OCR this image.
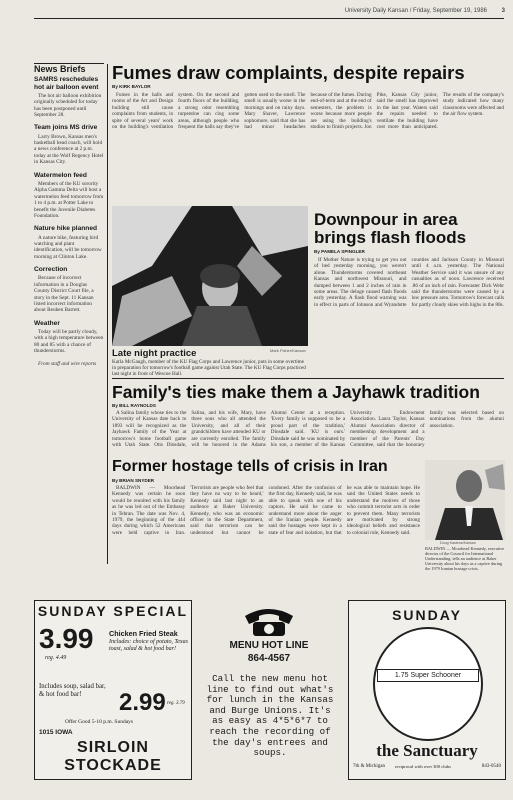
University Daily Kansan / Friday, September 19, 1986 3
News Briefs
SAMRS reschedules hot air balloon event

The hot air balloon exhibition originally scheduled for today has been postponed until September 28.

Team joins MS drive

Larry Brown, Kansas men's basketball head coach, will hold a news conference at 2 p.m. today at the Wolf Regency Hotel in Kansas City.

Watermelon feed

Members of the KU sorority Alpha Gamma Delta will host a watermelon feed tomorrow from 1 to 4 p.m. at Potter Lake to benefit the Juvenile Diabetes Foundation.

Nature hike planned

A nature hike, featuring bird watching and plant identification, will be tomorrow morning at Clinton Lake.

Correction

Because of incorrect information in a Douglas County District Court file, a story in the Sept. 11 Kansan listed incorrect information about Reuben Barrett.

Weather

Today will be partly cloudy, with a high temperature between 80 and 85 with a chance of thunderstorms.

From staff and wire reports

Fumes draw complaints, despite repairs
By KIRK BAYLOR

Fumes in the halls and rooms of the Art and Design building still cause complaints from students, in spite of several years' work on the building's ventilation system. On the second and fourth floors of the building, a strong odor resembling turpentine can clog some areas, although people who frequent the halls say they've gotten used to the smell. The smell is usually worse in the mornings and on rainy days. Mary Shaver, Lawrence sophomore, said that she has had minor headaches because of the fumes. During end-of-term and at the end of semesters, the problem is worse because more people are using the building's studios to finish projects. Jon Pike, Kansas City junior, said the smell has improved in the last year. Waters said the repairs needed to ventilate the building have cost more than anticipated. The results of the company's study indicated how many classrooms were affected and the air flow system.

Late night practice
Karla McGaugh, member of the KU Flag Corps and Lawrence junior, puts in some overtime in preparation for tomorrow's football game against Utah State. The KU Flag Corps practiced last night in front of Wescoe Hall.
Mark Fisher/Kansan
Downpour in area
brings flash floods
By PAMELA SPINGLER

If Mother Nature is trying to get you out of bed yesterday morning, you weren't alone. Thunderstorms covered northeast Kansas and northwest Missouri, and dumped between 1 and 2 inches of rain in some areas. The deluge caused flash floods early yesterday. A flash flood warning was in effect in parts of Johnson and Wyandotte counties and Jackson County in Missouri until 4 a.m. yesterday. The National Weather Service said it was unsure of any casualties as of noon. Lawrence received .86 of an inch of rain. Forecaster Dick Wehr said the thunderstorms were caused by a low pressure area. Tomorrow's forecast calls for partly cloudy skies with highs in the 80s.

Family's ties make them a Jayhawk tradition
By BILL RAYNOLDS

A Salina family whose ties to the University of Kansas date back to 1893 will be recognized as the Jayhawk Family of the Year at tomorrow's home football game with Utah State. Otis Dinsdale, Salina, and his wife, Mary, have three sons who all attended the University, and all of their grandchildren have attended KU or are currently enrolled. The family will be honored in the Adams Alumni Center at a reception. 'Every family is supposed to be a proud part of the tradition,' Dinsdale said. 'KU is ours.' Dinsdale said he was nominated by his son, a member of the Kansas University Endowment Association. Laura Taylor, Kansas Alumni Association director of membership development and a member of the Parents' Day Committee, said that the honorary family was selected based on nominations from the alumni association.

Former hostage tells of crisis in Iran
By BRIAN SNYDER

BALDWIN — Moorhead Kennedy was certain he soon would be reunited with his family as he was led out of the Embassy in Tehran. The date was Nov. 4, 1979, the beginning of the 444 days during which 52 Americans were held captive in Iran. 'Terrorists are people who feel that they have no way to be heard,' Kennedy said last night to an audience at Baker University. Kennedy, who was an economic officer in the State Department, said that terrorism can be understood but cannot be condoned. After the confusion of the first day, Kennedy said, he was able to speak with one of his captors. He said he came to understand more about the anger of the Iranian people. Kennedy said the hostages were kept in a state of fear and isolation, but that he was able to maintain hope. He said the United States needs to understand the motives of those who commit terrorist acts in order to prevent them. Many terrorists are motivated by strong ideological beliefs and resistance to colonial rule, Kennedy said.

Doug Kastens/Kansan
BALDWIN — Moorhead Kennedy, executive director of the Council for International Understanding, tells an audience at Baker University about his days as a captive during the 1979 Iranian hostage crisis.
SUNDAY SPECIAL
3.99
reg. 4.49
Chicken Fried Steak
Includes: choice of potato, Texas toast, salad & hot food bar!
Includes soup, salad bar, & hot food bar!	2.99 reg. 3.79
Offer Good 5-10 p.m. Sundays
1015 IOWA
SIRLOIN
STOCKADE
MENU HOT LINE
864-4567
Call the new menu hot line to find out what's for lunch in the Kansas and Burge Unions. It's as easy as 4*5*6*7 to reach the recording of the day's entrees and soups.
SUNDAY
1.75 Super Schooner
the Sanctuary
7th & Michigan reciprocal with over 300 clubs	843-0540
